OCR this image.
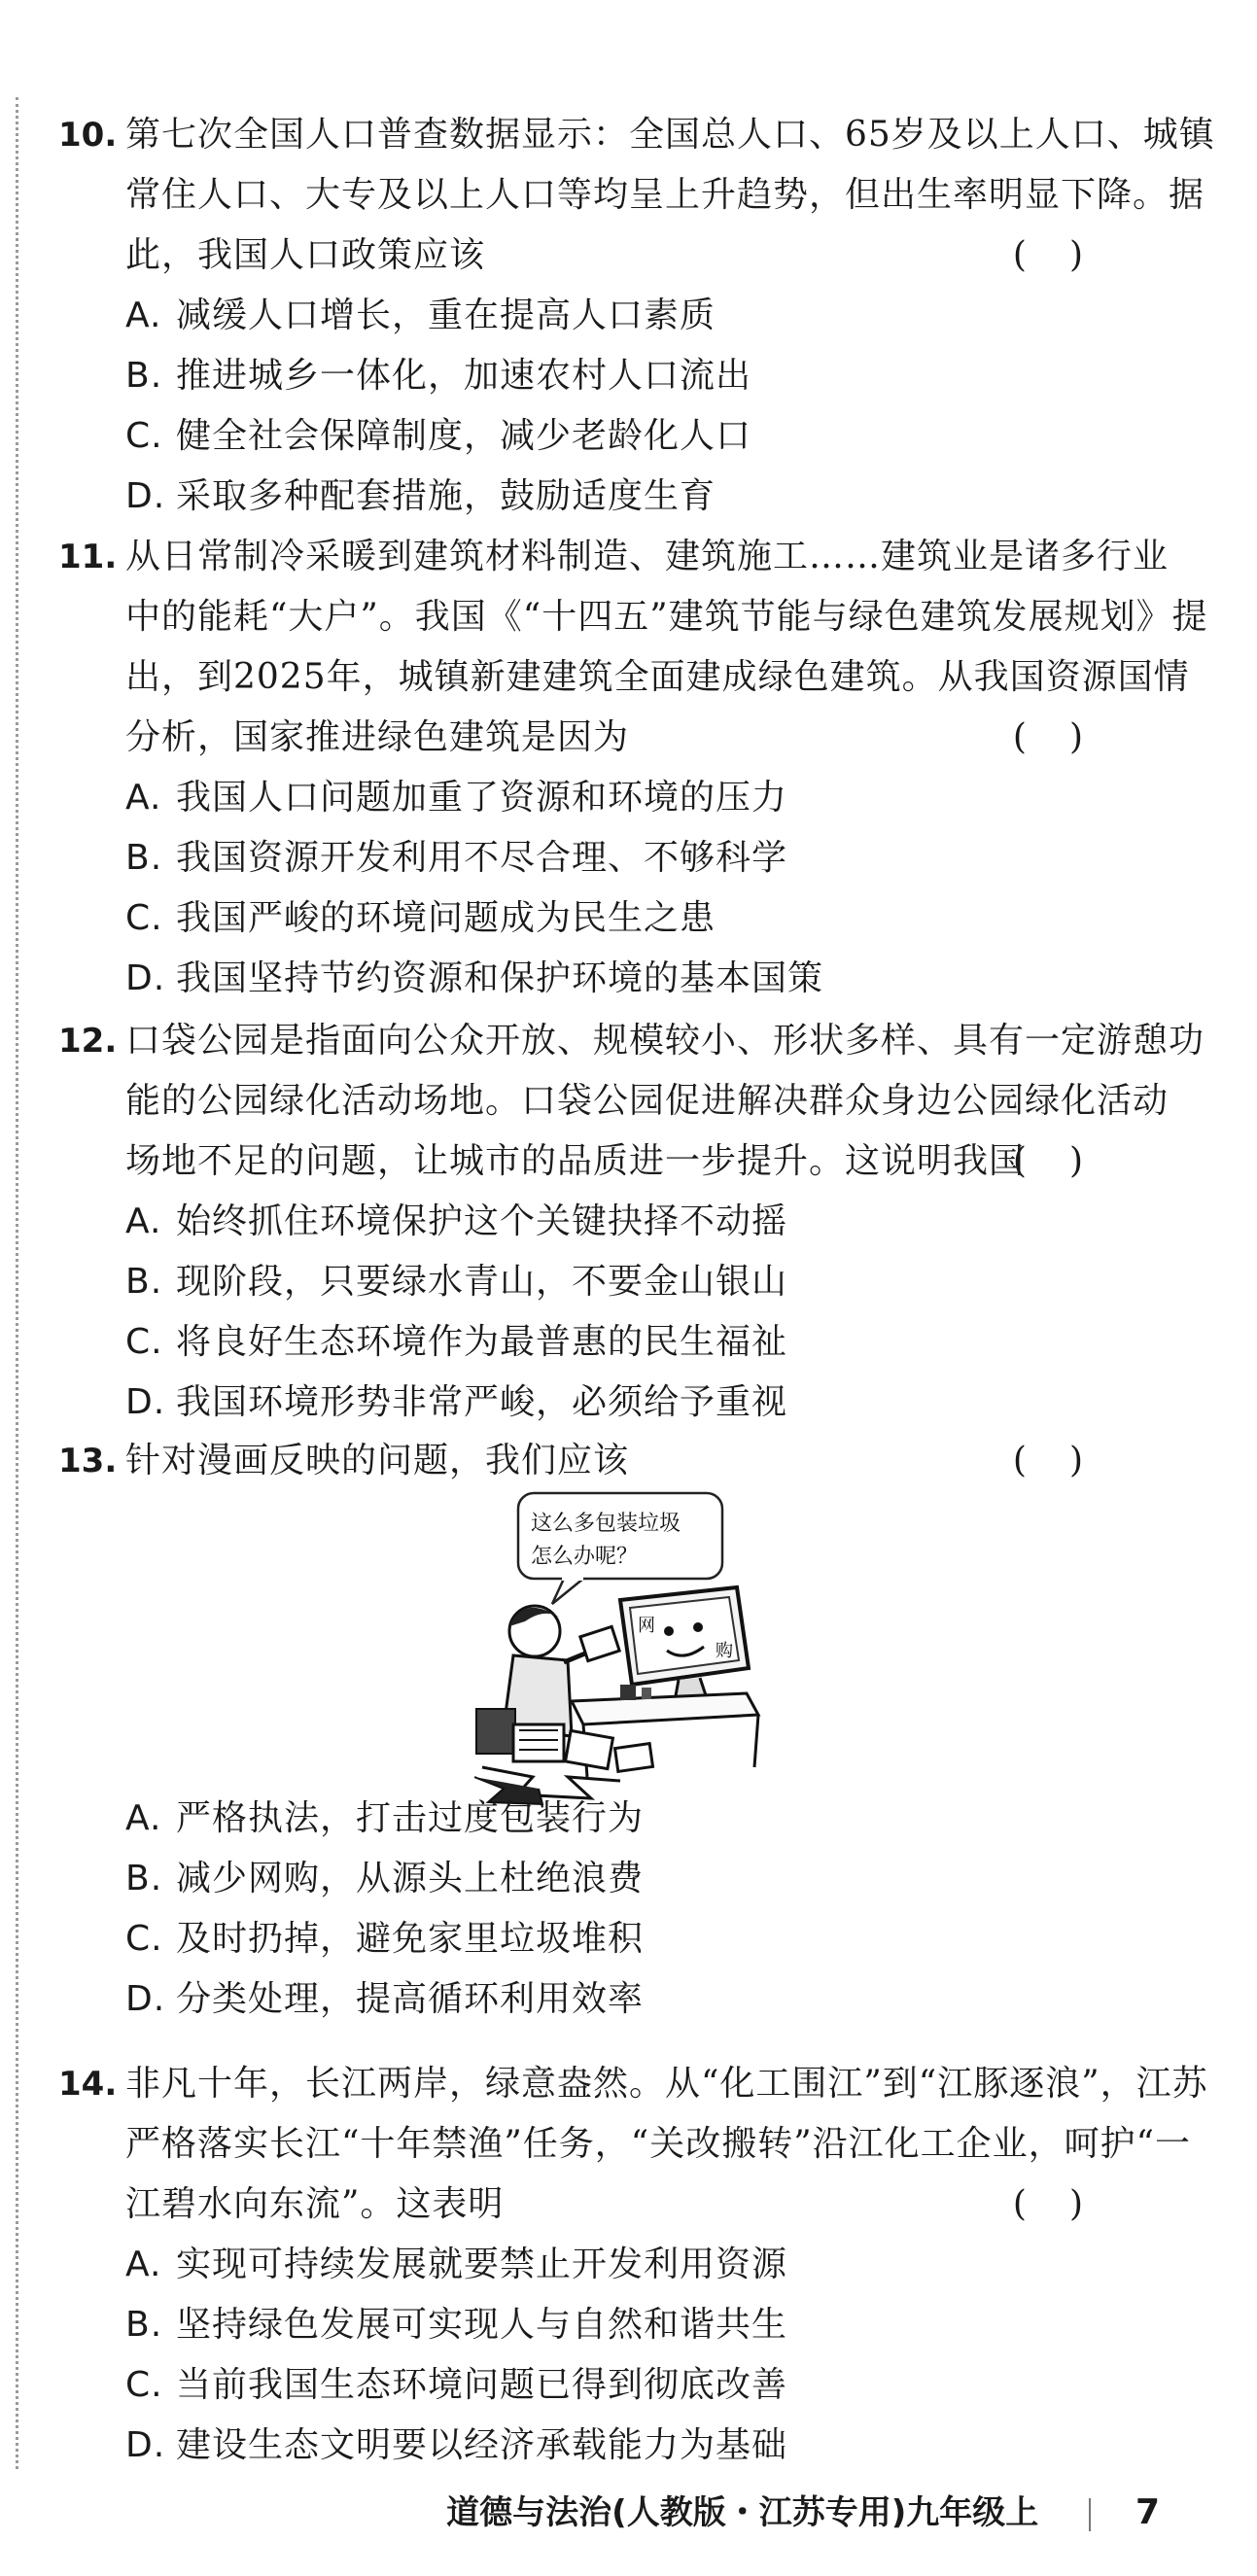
10. 第七次全国人口普查数据显示：全国总人口、65岁及以上人口、城镇
常住人口、大专及以上人口等均呈上升趋势，但出生率明显下降。据
此，我国人口政策应该	()
A. 减缓人口增长，重在提高人口素质
B. 推进城乡一体化，加速农村人口流出
C. 健全社会保障制度，减少老龄化人口
D. 采取多种配套措施，鼓励适度生育
11. 从日常制冷采暖到建筑材料制造、建筑施工……建筑业是诸多行业
中的能耗“大户”。我国《“十四五”建筑节能与绿色建筑发展规划》提
出，到2025年，城镇新建建筑全面建成绿色建筑。从我国资源国情
分析，国家推进绿色建筑是因为	()
A. 我国人口问题加重了资源和环境的压力
B. 我国资源开发利用不尽合理、不够科学
C. 我国严峻的环境问题成为民生之患
D. 我国坚持节约资源和保护环境的基本国策
12. 口袋公园是指面向公众开放、规模较小、形状多样、具有一定游憩功
能的公园绿化活动场地。口袋公园促进解决群众身边公园绿化活动
场地不足的问题，让城市的品质进一步提升。这说明我国
()
A. 始终抓住环境保护这个关键抉择不动摇
B. 现阶段，只要绿水青山，不要金山银山
C. 将良好生态环境作为最普惠的民生福祉
D. 我国环境形势非常严峻，必须给予重视
13. 针对漫画反映的问题，我们应该	()
这么多包装垃圾
怎么办呢？
网
购
A. 严格执法，打击过度包装行为
B. 减少网购，从源头上杜绝浪费
C. 及时扔掉，避免家里垃圾堆积
D. 分类处理，提高循环利用效率
14. 非凡十年，长江两岸，绿意盎然。从“化工围江”到“江豚逐浪”，江苏
严格落实长江“十年禁渔”任务，“关改搬转”沿江化工企业，呵护“一
江碧水向东流”。这表明	()
A. 实现可持续发展就要禁止开发利用资源
B. 坚持绿色发展可实现人与自然和谐共生
C. 当前我国生态环境问题已得到彻底改善
D. 建设生态文明要以经济承载能力为基础
道德与法治(人教版・江苏专用)九年级上	7
